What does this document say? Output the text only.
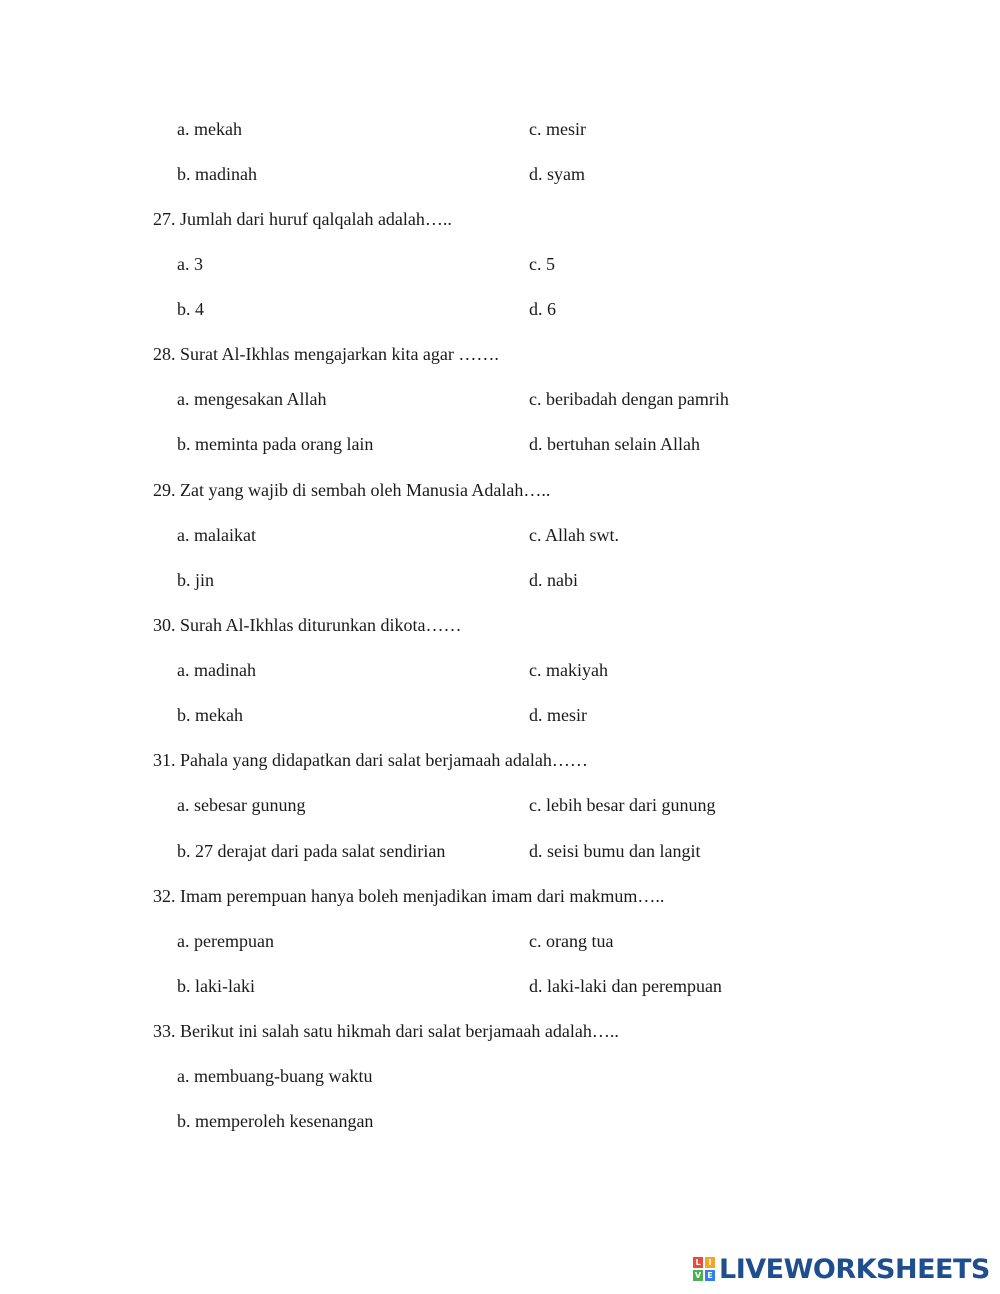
a. mekah	c. mesir
b. madinah	d. syam
27. Jumlah dari huruf qalqalah adalah…..
a. 3	c. 5
b. 4	d. 6
28. Surat Al-Ikhlas mengajarkan kita agar …….
a. mengesakan Allah	c. beribadah dengan pamrih
b. meminta pada orang lain	d. bertuhan selain Allah
29. Zat yang wajib di sembah oleh Manusia Adalah…..
a. malaikat	c. Allah swt.
b. jin	d. nabi
30. Surah Al-Ikhlas diturunkan dikota……
a. madinah	c. makiyah
b. mekah	d. mesir
31. Pahala yang didapatkan dari salat berjamaah adalah……
a. sebesar gunung	c. lebih besar dari gunung
b. 27 derajat dari pada salat sendirian	d. seisi bumu dan langit
32. Imam perempuan hanya boleh menjadikan imam dari makmum…..
a. perempuan	c. orang tua
b. laki-laki	d. laki-laki dan perempuan
33. Berikut ini salah satu hikmah dari salat berjamaah adalah…..
a. membuang-buang waktu
b. memperoleh kesenangan
L I
V E LIVEWORKSHEETS
